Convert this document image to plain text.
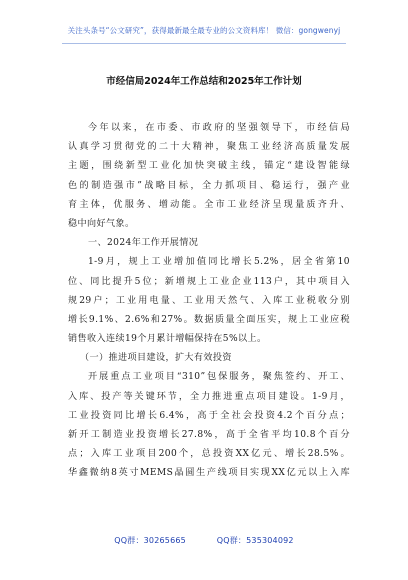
关注头条号“公文研究”，获得最新最全最专业的公文资料库！ 微信：gongwenyj
市经信局2024年工作总结和2025年工作计划
今年以来，在市委、市政府的坚强领导下，市经信局
认真学习贯彻党的二十大精神，聚焦工业经济高质量发展
主题，围绕新型工业化加快突破主线，锚定“建设智能绿
色的制造强市”战略目标，全力抓项目、稳运行，强产业
育主体，优服务、增动能。全市工业经济呈现量质齐升、
稳中向好气象。
一、2024年工作开展情况
1-9月，规上工业增加值同比增长5.2%，居全省第10
位、同比提升5位；新增规上工业企业113户，其中项目入
规29户；工业用电量、工业用天然气、入库工业税收分别
增长9.1%、2.6%和27%。数据质量全面压实，规上工业应税
销售收入连续19个月累计增幅保持在5%以上。
（一）推进项目建设，扩大有效投资
开展重点工业项目“310”包保服务，聚焦签约、开工、
入库、投产等关键环节，全力推进重点项目建设。1-9月，
工业投资同比增长6.4%，高于全社会投资4.2个百分点；
新开工制造业投资增长27.8%，高于全省平均10.8个百分
点；入库工业项目200个，总投资XX亿元、增长28.5%。
华鑫微纳8英寸MEMS晶圆生产线项目实现XX亿元以上入库
QQ群：30265665	QQ群：535304092
